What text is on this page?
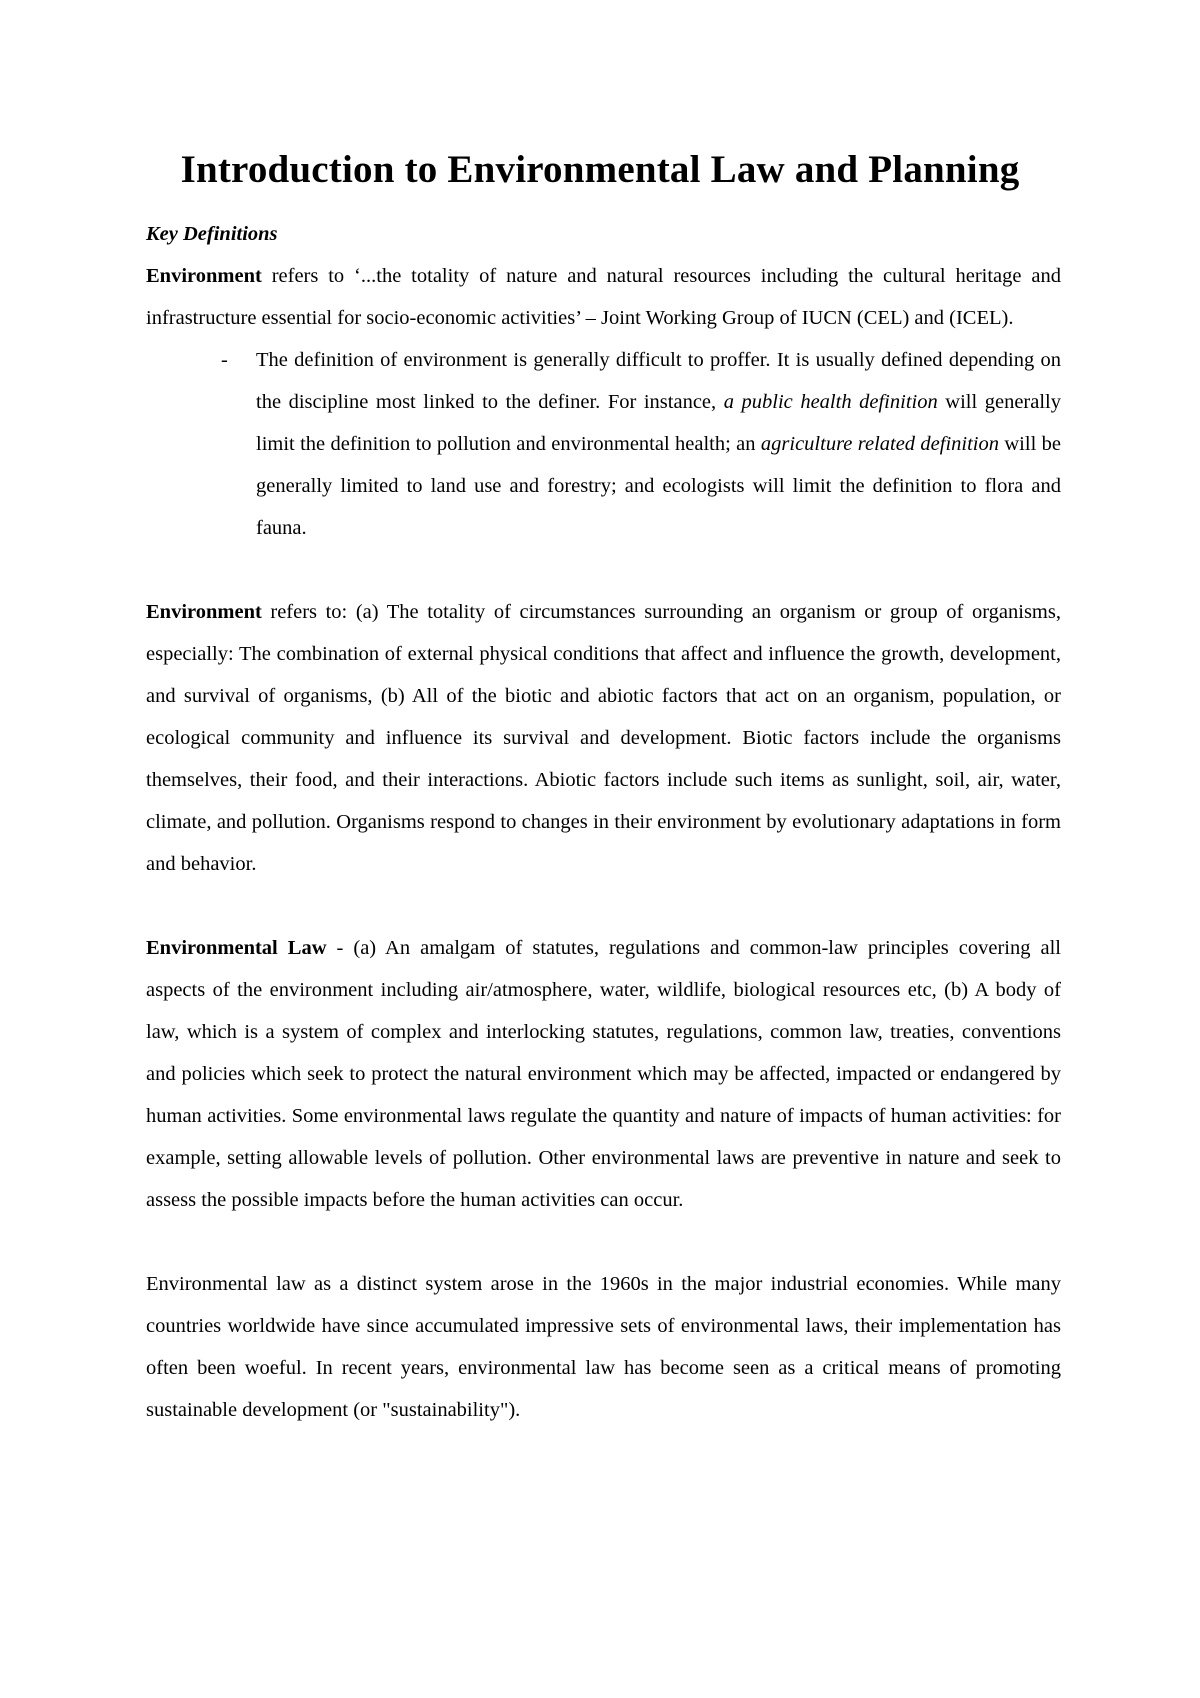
Introduction to Environmental Law and Planning

Key Definitions

Environment refers to ‘...the totality of nature and natural resources including the cultural heritage and infrastructure essential for socio-economic activities’ – Joint Working Group of IUCN (CEL) and (ICEL).

- The definition of environment is generally difficult to proffer. It is usually defined depending on the discipline most linked to the definer. For instance, a public health definition will generally limit the definition to pollution and environmental health; an agriculture related definition will be generally limited to land use and forestry; and ecologists will limit the definition to flora and fauna.

Environment refers to: (a) The totality of circumstances surrounding an organism or group of organisms, especially: The combination of external physical conditions that affect and influence the growth, development, and survival of organisms, (b) All of the biotic and abiotic factors that act on an organism, population, or ecological community and influence its survival and development. Biotic factors include the organisms themselves, their food, and their interactions. Abiotic factors include such items as sunlight, soil, air, water, climate, and pollution. Organisms respond to changes in their environment by evolutionary adaptations in form and behavior.

Environmental Law - (a) An amalgam of statutes, regulations and common-law principles covering all aspects of the environment including air/atmosphere, water, wildlife, biological resources etc, (b) A body of law, which is a system of complex and interlocking statutes, regulations, common law, treaties, conventions and policies which seek to protect the natural environment which may be affected, impacted or endangered by human activities. Some environmental laws regulate the quantity and nature of impacts of human activities: for example, setting allowable levels of pollution. Other environmental laws are preventive in nature and seek to assess the possible impacts before the human activities can occur.

Environmental law as a distinct system arose in the 1960s in the major industrial economies. While many countries worldwide have since accumulated impressive sets of environmental laws, their implementation has often been woeful. In recent years, environmental law has become seen as a critical means of promoting sustainable development (or "sustainability").
